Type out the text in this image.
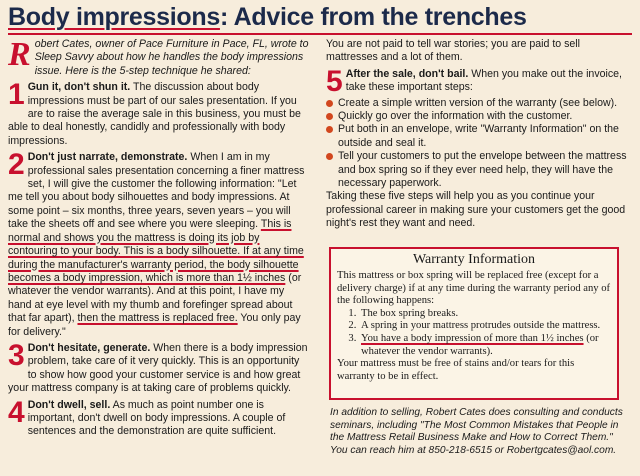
Body impressions: Advice from the trenches

Robert Cates, owner of Pace Furniture in Pace, FL, wrote to Sleep Savvy about how he handles the body impressions issue. Here is the 5-step technique he shared:

1 Gun it, don't shun it. The discussion about body impressions must be part of our sales presentation. If you are to raise the average sale in this business, you must be able to deal honestly, candidly and professionally with body impressions.

2 Don't just narrate, demonstrate. When I am in my professional sales presentation concerning a finer mattress set, I will give the customer the following information: "Let me tell you about body silhouettes and body impressions. At some point – six months, three years, seven years – you will take the sheets off and see where you were sleeping. This is normal and shows you the mattress is doing its job by contouring to your body. This is a body silhouette. If at any time during the manufacturer's warranty period, the body silhouette becomes a body impression, which is more than 1½ inches (or whatever the vendor warrants). And at this point, I have my hand at eye level with my thumb and forefinger spread about that far apart), then the mattress is replaced free. You only pay for delivery."

3 Don't hesitate, generate. When there is a body impression problem, take care of it very quickly. This is an opportunity to show how good your customer service is and how great your mattress company is at taking care of problems quickly.

4 Don't dwell, sell. As much as point number one is important, don't dwell on body impressions. A couple of sentences and the demonstration are quite sufficient.

You are not paid to tell war stories; you are paid to sell mattresses and a lot of them.

5 After the sale, don't bail. When you make out the invoice, take these important steps:

Create a simple written version of the warranty (see below).
Quickly go over the information with the customer.
Put both in an envelope, write "Warranty Information" on the outside and seal it.
Tell your customers to put the envelope between the mattress and box spring so if they ever need help, they will have the necessary paperwork.

Taking these five steps will help you as you continue your professional career in making sure your customers get the good night's rest they want and need.

Warranty Information

This mattress or box spring will be replaced free (except for a delivery charge) if at any time during the warranty period any of the following happens:

1. The box spring breaks.
2. A spring in your mattress protrudes outside the mattress.
3. You have a body impression of more than 1½ inches (or whatever the vendor warrants).

Your mattress must be free of stains and/or tears for this warranty to be in effect.

In addition to selling, Robert Cates does consulting and conducts seminars, including "The Most Common Mistakes that People in the Mattress Retail Business Make and How to Correct Them." You can reach him at 850-218-6515 or Robertgcates@aol.com.
